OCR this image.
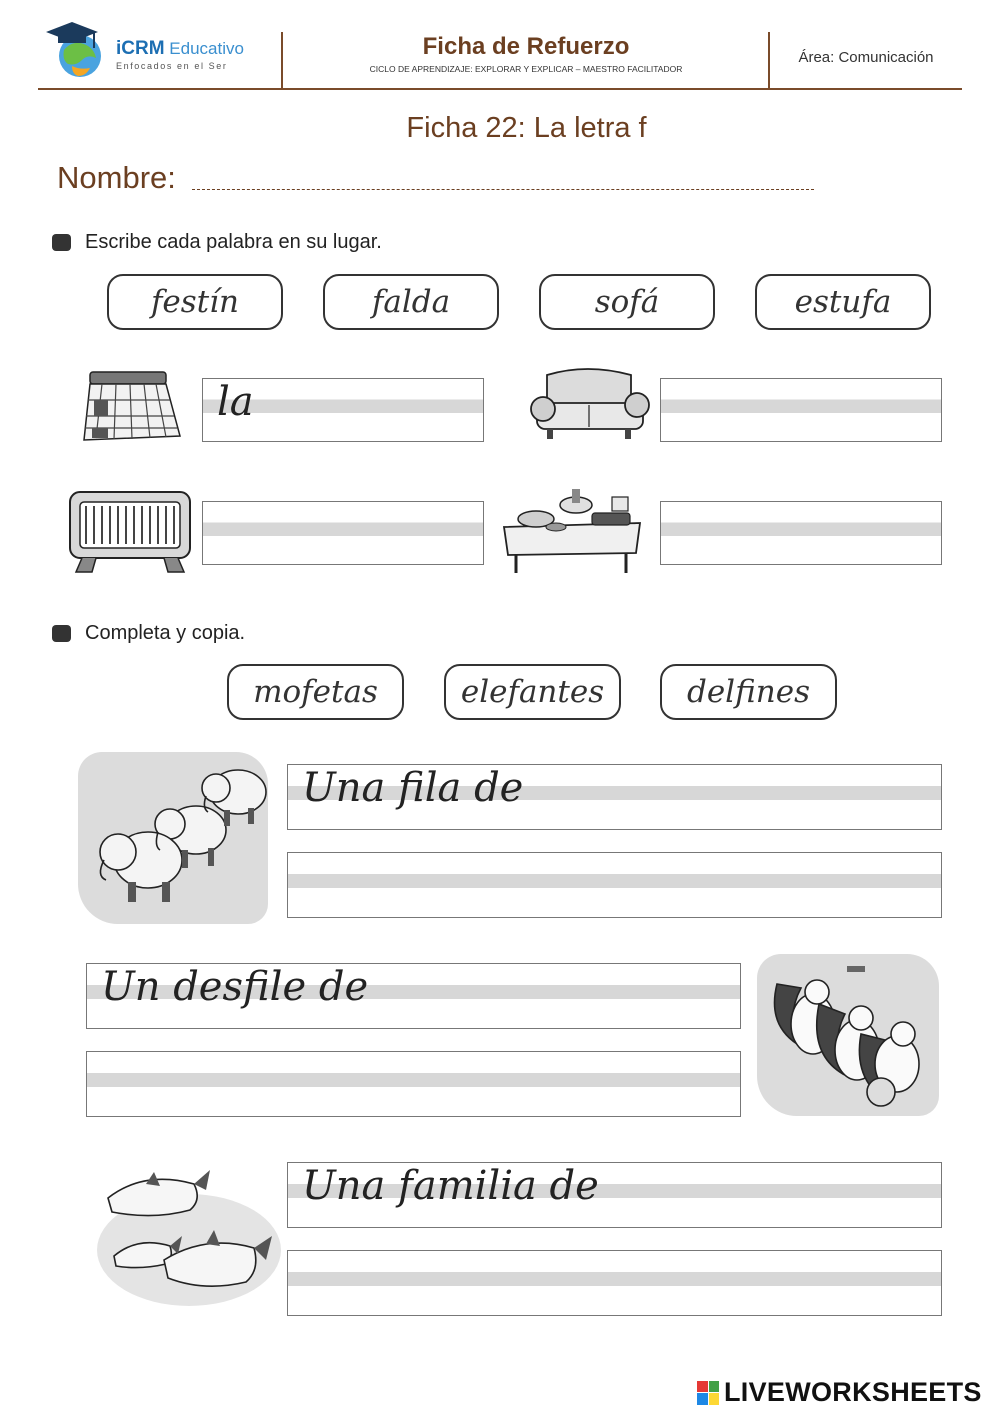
iCRM Educativo
Enfocados en el Ser
Ficha de Refuerzo
CICLO DE APRENDIZAJE: EXPLORAR Y EXPLICAR – MAESTRO FACILITADOR
Área: Comunicación
Ficha 22: La letra f
Nombre:
Escribe cada palabra en su lugar.
festín	falda	sofá	estufa
la
Completa y copia.
mofetas	elefantes	delfines
Una fila de
Un desfile de
Una familia de
LIVEWORKSHEETS
